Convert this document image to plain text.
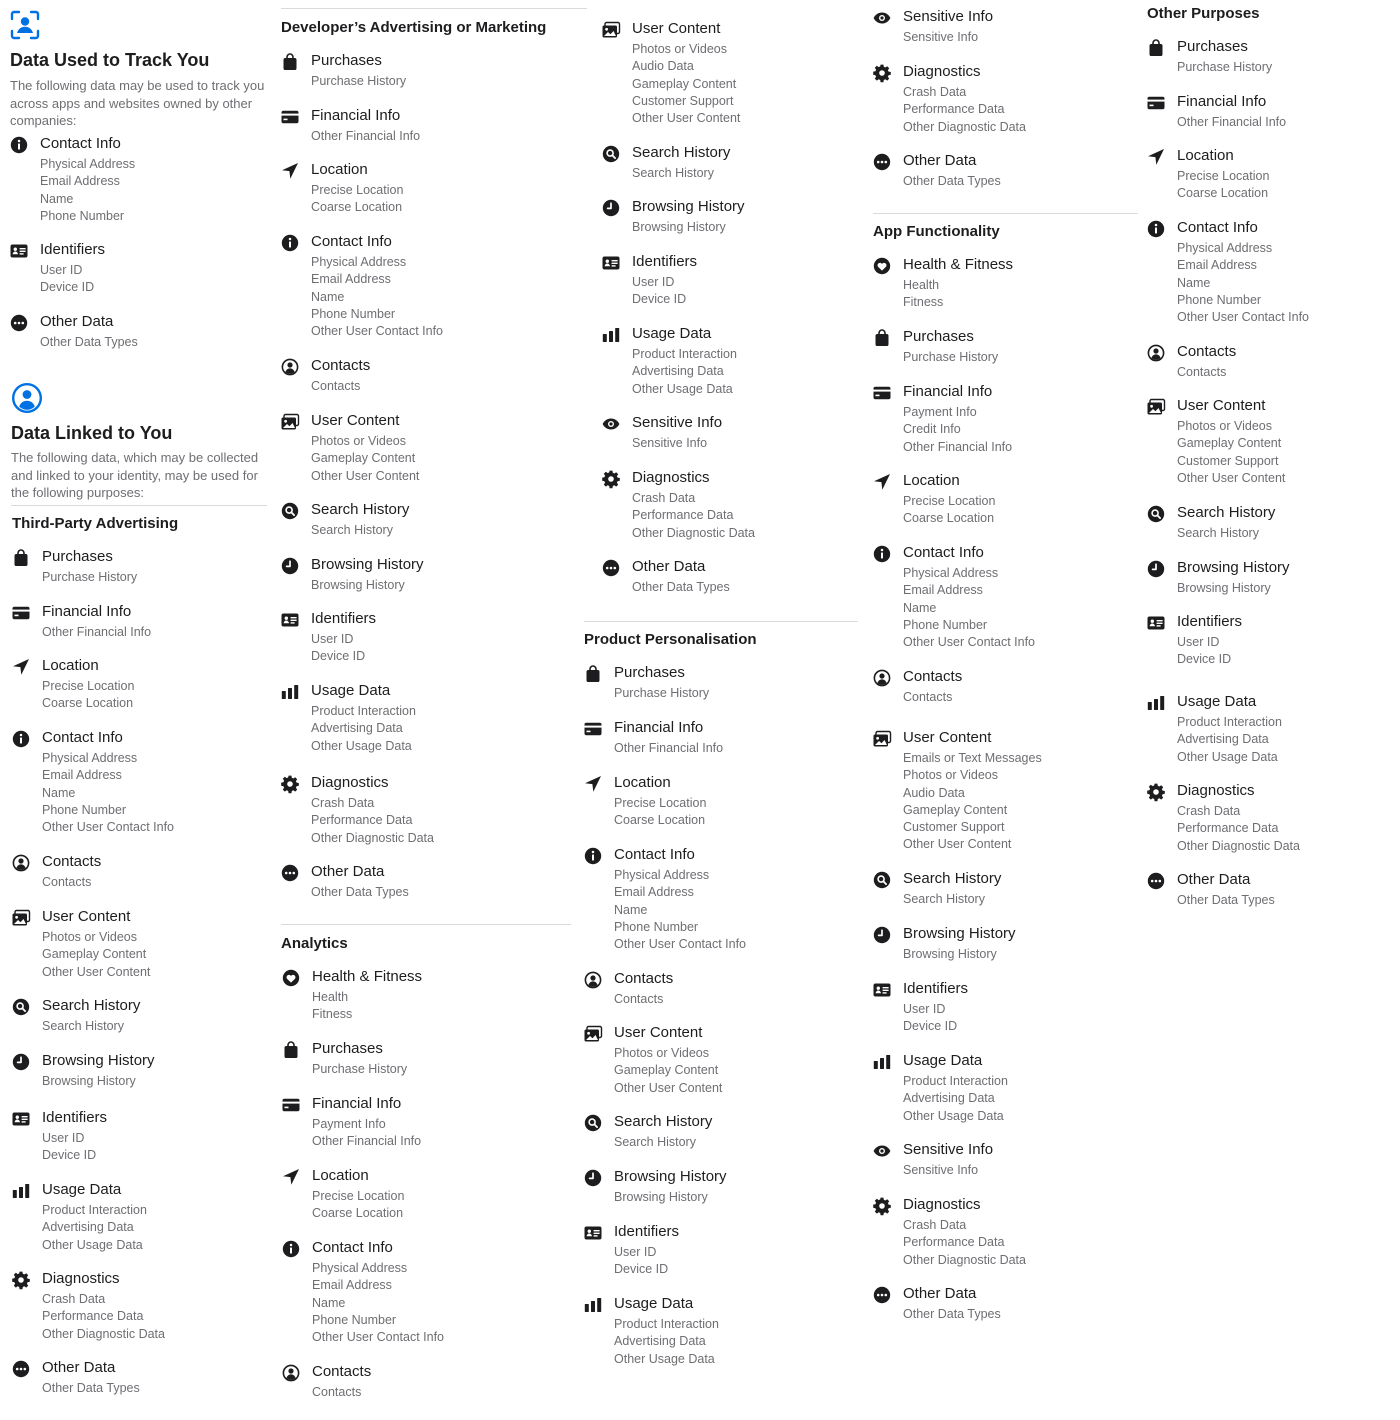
Data Used to Track You
The following data may be used to track you across apps and websites owned by other companies:
Contact Info
Physical Address
Email Address
Name
Phone Number
Identifiers
User ID
Device ID
Other Data
Other Data Types
Data Linked to You
The following data, which may be collected and linked to your identity, may be used for the following purposes:
Third-Party Advertising
Purchases
Purchase History
Financial Info
Other Financial Info
Location
Precise Location
Coarse Location
Contact Info
Physical Address
Email Address
Name
Phone Number
Other User Contact Info
Contacts
Contacts
User Content
Photos or Videos
Gameplay Content
Other User Content
Search History
Search History
Browsing History
Browsing History
Identifiers
User ID
Device ID
Usage Data
Product Interaction
Advertising Data
Other Usage Data
Diagnostics
Crash Data
Performance Data
Other Diagnostic Data
Other Data
Other Data Types
Developer’s Advertising or Marketing
Purchases
Purchase History
Financial Info
Other Financial Info
Location
Precise Location
Coarse Location
Contact Info
Physical Address
Email Address
Name
Phone Number
Other User Contact Info
Contacts
Contacts
User Content
Photos or Videos
Gameplay Content
Other User Content
Search History
Search History
Browsing History
Browsing History
Identifiers
User ID
Device ID
Usage Data
Product Interaction
Advertising Data
Other Usage Data
Diagnostics
Crash Data
Performance Data
Other Diagnostic Data
Other Data
Other Data Types
Analytics
Health & Fitness
Health
Fitness
Purchases
Purchase History
Financial Info
Payment Info
Other Financial Info
Location
Precise Location
Coarse Location
Contact Info
Physical Address
Email Address
Name
Phone Number
Other User Contact Info
Contacts
Contacts
User Content
Photos or Videos
Audio Data
Gameplay Content
Customer Support
Other User Content
Search History
Search History
Browsing History
Browsing History
Identifiers
User ID
Device ID
Usage Data
Product Interaction
Advertising Data
Other Usage Data
Sensitive Info
Sensitive Info
Diagnostics
Crash Data
Performance Data
Other Diagnostic Data
Other Data
Other Data Types
Product Personalisation
Purchases
Purchase History
Financial Info
Other Financial Info
Location
Precise Location
Coarse Location
Contact Info
Physical Address
Email Address
Name
Phone Number
Other User Contact Info
Contacts
Contacts
User Content
Photos or Videos
Gameplay Content
Other User Content
Search History
Search History
Browsing History
Browsing History
Identifiers
User ID
Device ID
Usage Data
Product Interaction
Advertising Data
Other Usage Data
Sensitive Info
Sensitive Info
Diagnostics
Crash Data
Performance Data
Other Diagnostic Data
Other Data
Other Data Types
App Functionality
Health & Fitness
Health
Fitness
Purchases
Purchase History
Financial Info
Payment Info
Credit Info
Other Financial Info
Location
Precise Location
Coarse Location
Contact Info
Physical Address
Email Address
Name
Phone Number
Other User Contact Info
Contacts
Contacts
User Content
Emails or Text Messages
Photos or Videos
Audio Data
Gameplay Content
Customer Support
Other User Content
Search History
Search History
Browsing History
Browsing History
Identifiers
User ID
Device ID
Usage Data
Product Interaction
Advertising Data
Other Usage Data
Sensitive Info
Sensitive Info
Diagnostics
Crash Data
Performance Data
Other Diagnostic Data
Other Data
Other Data Types
Other Purposes
Purchases
Purchase History
Financial Info
Other Financial Info
Location
Precise Location
Coarse Location
Contact Info
Physical Address
Email Address
Name
Phone Number
Other User Contact Info
Contacts
Contacts
User Content
Photos or Videos
Gameplay Content
Customer Support
Other User Content
Search History
Search History
Browsing History
Browsing History
Identifiers
User ID
Device ID
Usage Data
Product Interaction
Advertising Data
Other Usage Data
Diagnostics
Crash Data
Performance Data
Other Diagnostic Data
Other Data
Other Data Types
